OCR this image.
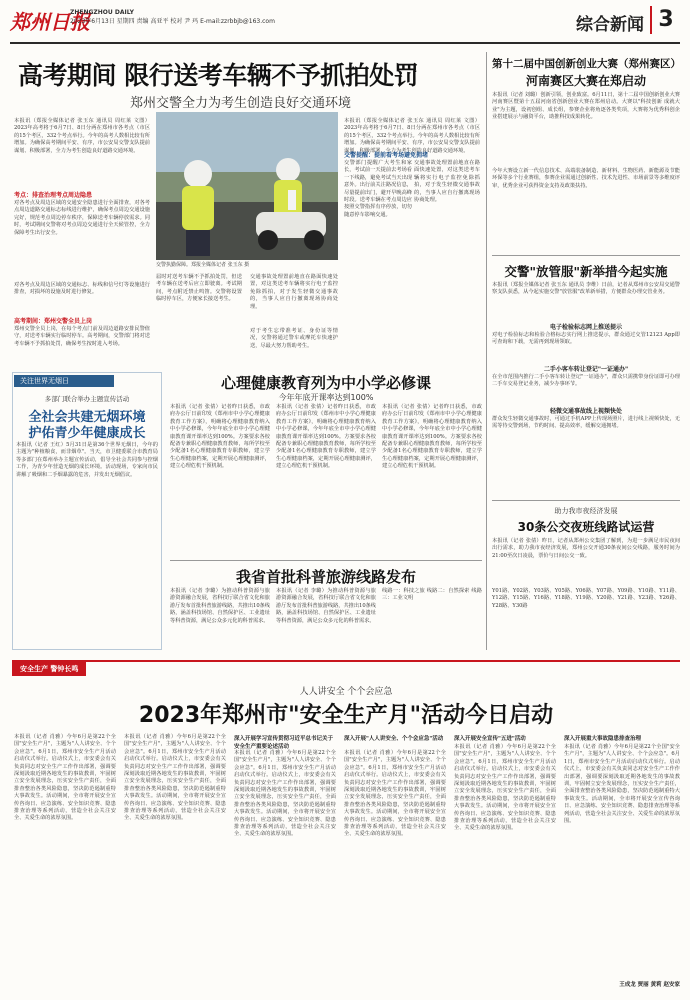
郑州日报
ZHENGZHOU DAILY
2023年6月13日 星期四 责编 高亚平 校对 尹 玛 E-mail:zzrbbjb@163.com	综合新闻 3
高考期间 限行送考车辆不予抓拍处罚
郑州交警全力为考生创造良好交通环境
本报讯（郑报全媒体记者 张玉东 通讯员 周红莱 文图）2023年高考将于6月7日、8日分两在郑州市各考点（市区的15个考区，332个考点举行。今年的高考人数相比较有所增加。为确保高考期间平安、有序，市公安局交警支队提前谋划、积极部署，全力为考生创造良好道路交通环境。
考点：排查治理考点周边隐患
对各考点及周边区域的交通安全隐患进行全面排查，对各考点周边道路交通标志标线进行维护，确保考点周边交通设施完好，规范考点周边停车秩序，保障送考车辆停放需求。同时，考试期间交警将对考点周边交通进行全天候管控，全力保障考生出行安全。
对各考点及周边区域的交通标志、标线和信号灯等设施进行排查，对损坏的设施及时进行修复。
高考期间：郑州交警全员上岗
郑州交警全员上岗，在每个考点门前及周边道路安排民警值守，对送考车辆实行临时停车。高考期间，交警部门将对送考车辆不予抓拍处罚，确保考生按时进入考场。
交警执勤保障。郑报全媒体记者 张玉东 摄
届时对送考车辆不予抓拍处罚，但送考车辆在送考后应立即驶离。考试期间，考点附近禁止鸣笛。交警将设置临时停车区，方便家长接送考生。
交通事故处理置前地直在路面快速处置，对这类送考车辆将实行电子监控免除抓拍，对于发生轻微交通事故的，当事人应自行撤离现场协商处理。
对于考生忘带准考证、身份证等情况，交警将通过警车或摩托车快速护送，尽最大努力帮助考生。
本报讯（郑报全媒体记者 张玉东 通讯员 周红莱 文图）2023年高考将于6月7日、8日分两在郑州市各考点（市区的15个考区，332个考点举行。今年的高考人数相比较有所增加。为确保高考期间平安、有序，市公安局交警支队提前谋划、积极部署，全力为考生创造良好道路交通环境。
交警提醒：提前看考场避免拥堵
交警部门提醒广大考生和家长，考试前一天提前去考场看一下线路，避免考试当天出现意外。出行前关注路况信息，尽量提前出门，避开早晚高峰时段。送考车辆在考点周边应按照交警指挥有序停放，切勿随意停车影响交通。
交通事故处理置前地直在路面快速处置，对这类送考车辆将实行电子监控免除抓拍，对于发生轻微交通事故的，当事人应自行撤离现场协商处理。
第十二届中国创新创业大赛（郑州赛区）
河南赛区大赛在郑启动
本报讯（记者 刘璐）创新引领，创业致富。6月11日，第十二届中国创新创业大赛河南赛区暨第十五届河南省创新创业大赛在郑州启动。大赛以"科技创新 成就大业"为主题，设初创组、成长组，参赛企业将角逐各类奖项，大赛将为优秀科创企业搭建展示与融资平台，助推科技成果转化。
今年大赛设立新一代信息技术、高端装备制造、新材料、生物医药、新能源及节能环保等多个行业赛组，参赛企业需通过创新性、技术先进性、市场前景等多维度评审，优秀企业可获得资金支持及政策扶持。
交警"放管服"新举措今起实施
本报讯（郑报全媒体记者 张玉东 通讯员 李维）日前，记者从郑州市公安局交通警察支队获悉，从今起实施交警"放管服"改革新举措，方便群众办理交管业务。
电子检验标志网上推送提示
对电子检验标志和检验合格标志实行网上推送提示，群众通过交管12123 App即可查询和下载，无需再到现场领取。
二手小客车转让登记"一证通办"
在全市范围内推行二手小客车转让登记"一证通办"，群众只需携带身份证即可办理二手车交易登记业务，减少办事环节。
轻微交通事故线上视频快处
群众发生轻微交通事故时，可通过手机APP上传现场照片，进行线上视频快处，无需等待交警到场，节约时间、提高效率，缓解交通拥堵。
助力我市夜经济发展
30条公交夜班线路试运营
本报讯（记者 张倩）昨日，记者从郑州公交集团了解到，为进一步满足市民夜间出行需求，助力我市夜经济发展，郑州公交开通30条夜间公交线路，服务时间为21:00至次日凌晨，票价与日间公交一致。
Y01路、Y02路、Y03路、Y05路、Y06路、Y07路、Y09路、Y10路、Y11路、Y12路、Y15路、Y16路、Y18路、Y19路、Y20路、Y21路、Y23路、Y26路、Y28路、Y30路
关注世界无烟日
多部门联合举办主题宣传活动
全社会共建无烟环境
护佑青少年健康成长
本报讯（记者 王红）5月31日是第36个世界无烟日，今年的主题为"种植粮食，而非烟草"。当天，市卫健委联合市教育局等多部门在郑州举办主题宣传活动，倡导全社会共同参与控烟工作，为青少年营造无烟的成长环境。活动现场，专家向市民讲解了吸烟和二手烟暴露的危害，并发出无烟倡议。
心理健康教育列为中小学必修课
今年年底开课率达到100%
本报讯（记者 张倩）记者昨日获悉，市政府办公厅日前印发《郑州市中小学心理健康教育工作方案》，明确将心理健康教育纳入中小学必修课，今年年底全市中小学心理健康教育课开课率达到100%。方案要求各校配备专兼职心理健康教育教师，每所学校至少配备1名心理健康教育专职教师，建立学生心理健康档案，定期开展心理健康测评，建立心理危机干预机制。
本报讯（记者 张倩）记者昨日获悉，市政府办公厅日前印发《郑州市中小学心理健康教育工作方案》，明确将心理健康教育纳入中小学必修课，今年年底全市中小学心理健康教育课开课率达到100%。方案要求各校配备专兼职心理健康教育教师，每所学校至少配备1名心理健康教育专职教师，建立学生心理健康档案，定期开展心理健康测评，建立心理危机干预机制。
本报讯（记者 张倩）记者昨日获悉，市政府办公厅日前印发《郑州市中小学心理健康教育工作方案》，明确将心理健康教育纳入中小学必修课，今年年底全市中小学心理健康教育课开课率达到100%。方案要求各校配备专兼职心理健康教育教师，每所学校至少配备1名心理健康教育专职教师，建立学生心理健康档案，定期开展心理健康测评，建立心理危机干预机制。
我省首批科普旅游线路发布
本报讯（记者 李璐）为推动科普资源与旅游资源融合发展，省科技厅联合省文化和旅游厅发布首批科普旅游线路，共推出10条线路，涵盖科技场馆、自然保护区、工业遗址等科普资源，满足公众多元化的科普需求。
本报讯（记者 李璐）为推动科普资源与旅游资源融合发展，省科技厅联合省文化和旅游厅发布首批科普旅游线路，共推出10条线路，涵盖科技场馆、自然保护区、工业遗址等科普资源，满足公众多元化的科普需求。
线路一：科技之旅 线路二：自然探索 线路三：工业文明
安全生产 警钟长鸣
人人讲安全 个个会应急
2023年郑州市"安全生产月"活动今日启动
本报讯（记者 肖雅）今年6月是第22个全国"安全生产月"，主题为"人人讲安全、个个会应急"。6月1日，郑州市安全生产月活动启动仪式举行。启动仪式上，市安委会有关负责同志对安全生产工作作出部署，强调要深刻汲取近期各地发生的事故教训，牢固树立安全发展理念，压实安全生产责任，全面排查整治各类风险隐患，坚决防范遏制重特大事故发生。活动期间，全市将开展安全宣传咨询日、应急演练、安全知识竞赛、隐患排查治理等系列活动，营造全社会关注安全、关爱生命的浓厚氛围。
本报讯（记者 肖雅）今年6月是第22个全国"安全生产月"，主题为"人人讲安全、个个会应急"。6月1日，郑州市安全生产月活动启动仪式举行。启动仪式上，市安委会有关负责同志对安全生产工作作出部署，强调要深刻汲取近期各地发生的事故教训，牢固树立安全发展理念，压实安全生产责任，全面排查整治各类风险隐患，坚决防范遏制重特大事故发生。活动期间，全市将开展安全宣传咨询日、应急演练、安全知识竞赛、隐患排查治理等系列活动，营造全社会关注安全、关爱生命的浓厚氛围。
深入开展学习宣传贯彻习近平总书记关于安全生产重要论述活动
本报讯（记者 肖雅）今年6月是第22个全国"安全生产月"，主题为"人人讲安全、个个会应急"。6月1日，郑州市安全生产月活动启动仪式举行。启动仪式上，市安委会有关负责同志对安全生产工作作出部署，强调要深刻汲取近期各地发生的事故教训，牢固树立安全发展理念，压实安全生产责任，全面排查整治各类风险隐患，坚决防范遏制重特大事故发生。活动期间，全市将开展安全宣传咨询日、应急演练、安全知识竞赛、隐患排查治理等系列活动，营造全社会关注安全、关爱生命的浓厚氛围。
深入开展"人人讲安全、个个会应急"活动
本报讯（记者 肖雅）今年6月是第22个全国"安全生产月"，主题为"人人讲安全、个个会应急"。6月1日，郑州市安全生产月活动启动仪式举行。启动仪式上，市安委会有关负责同志对安全生产工作作出部署，强调要深刻汲取近期各地发生的事故教训，牢固树立安全发展理念，压实安全生产责任，全面排查整治各类风险隐患，坚决防范遏制重特大事故发生。活动期间，全市将开展安全宣传咨询日、应急演练、安全知识竞赛、隐患排查治理等系列活动，营造全社会关注安全、关爱生命的浓厚氛围。
深入开展安全宣传"五进"活动
本报讯（记者 肖雅）今年6月是第22个全国"安全生产月"，主题为"人人讲安全、个个会应急"。6月1日，郑州市安全生产月活动启动仪式举行。启动仪式上，市安委会有关负责同志对安全生产工作作出部署，强调要深刻汲取近期各地发生的事故教训，牢固树立安全发展理念，压实安全生产责任，全面排查整治各类风险隐患，坚决防范遏制重特大事故发生。活动期间，全市将开展安全宣传咨询日、应急演练、安全知识竞赛、隐患排查治理等系列活动，营造全社会关注安全、关爱生命的浓厚氛围。
深入开展重大事故隐患排查治理
本报讯（记者 肖雅）今年6月是第22个全国"安全生产月"，主题为"人人讲安全、个个会应急"。6月1日，郑州市安全生产月活动启动仪式举行。启动仪式上，市安委会有关负责同志对安全生产工作作出部署，强调要深刻汲取近期各地发生的事故教训，牢固树立安全发展理念，压实安全生产责任，全面排查整治各类风险隐患，坚决防范遏制重特大事故发生。活动期间，全市将开展安全宣传咨询日、应急演练、安全知识竞赛、隐患排查治理等系列活动，营造全社会关注安全、关爱生命的浓厚氛围。
王成龙 贾丽 黄莉 赵安家
